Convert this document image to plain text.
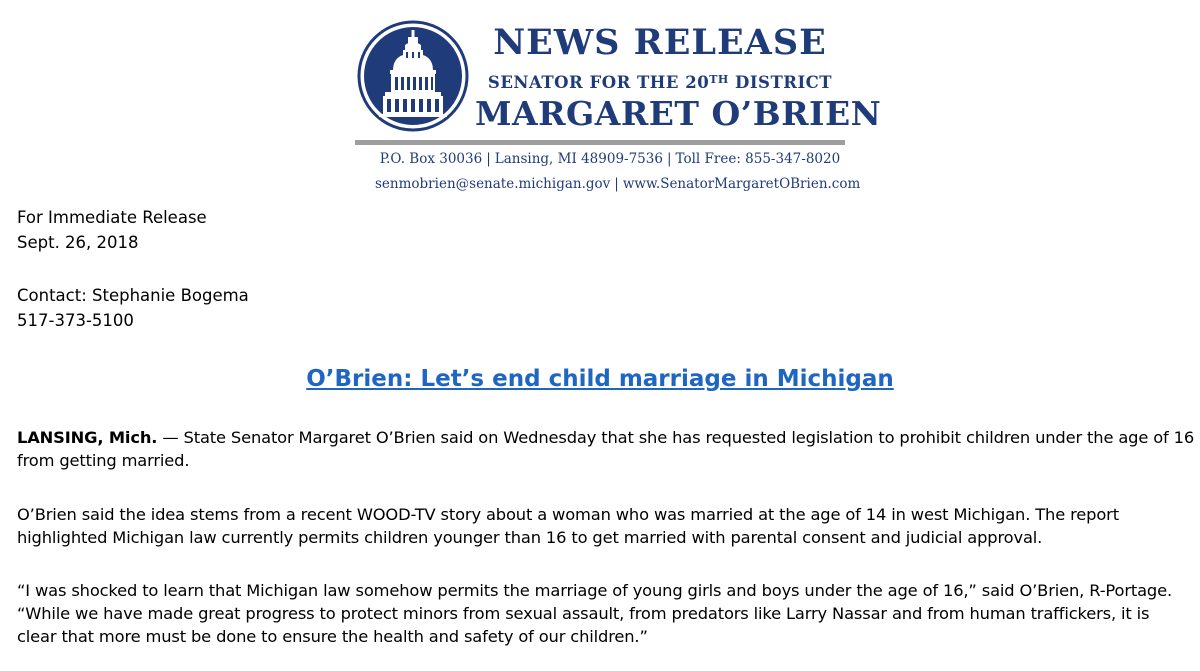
NEWS RELEASE
SENATOR FOR THE 20TH DISTRICT
MARGARET O’BRIEN
P.O. Box 30036 | Lansing, MI 48909-7536 | Toll Free: 855-347-8020
senmobrien@senate.michigan.gov | www.SenatorMargaretOBrien.com
For Immediate Release
Sept. 26, 2018
Contact: Stephanie Bogema
517-373-5100
O’Brien: Let’s end child marriage in Michigan
LANSING, Mich. — State Senator Margaret O’Brien said on Wednesday that she has requested legislation to prohibit children under the age of 16
from getting married.
O’Brien said the idea stems from a recent WOOD-TV story about a woman who was married at the age of 14 in west Michigan. The report
highlighted Michigan law currently permits children younger than 16 to get married with parental consent and judicial approval.
“I was shocked to learn that Michigan law somehow permits the marriage of young girls and boys under the age of 16,” said O’Brien, R-Portage.
“While we have made great progress to protect minors from sexual assault, from predators like Larry Nassar and from human traffickers, it is
clear that more must be done to ensure the health and safety of our children.”
